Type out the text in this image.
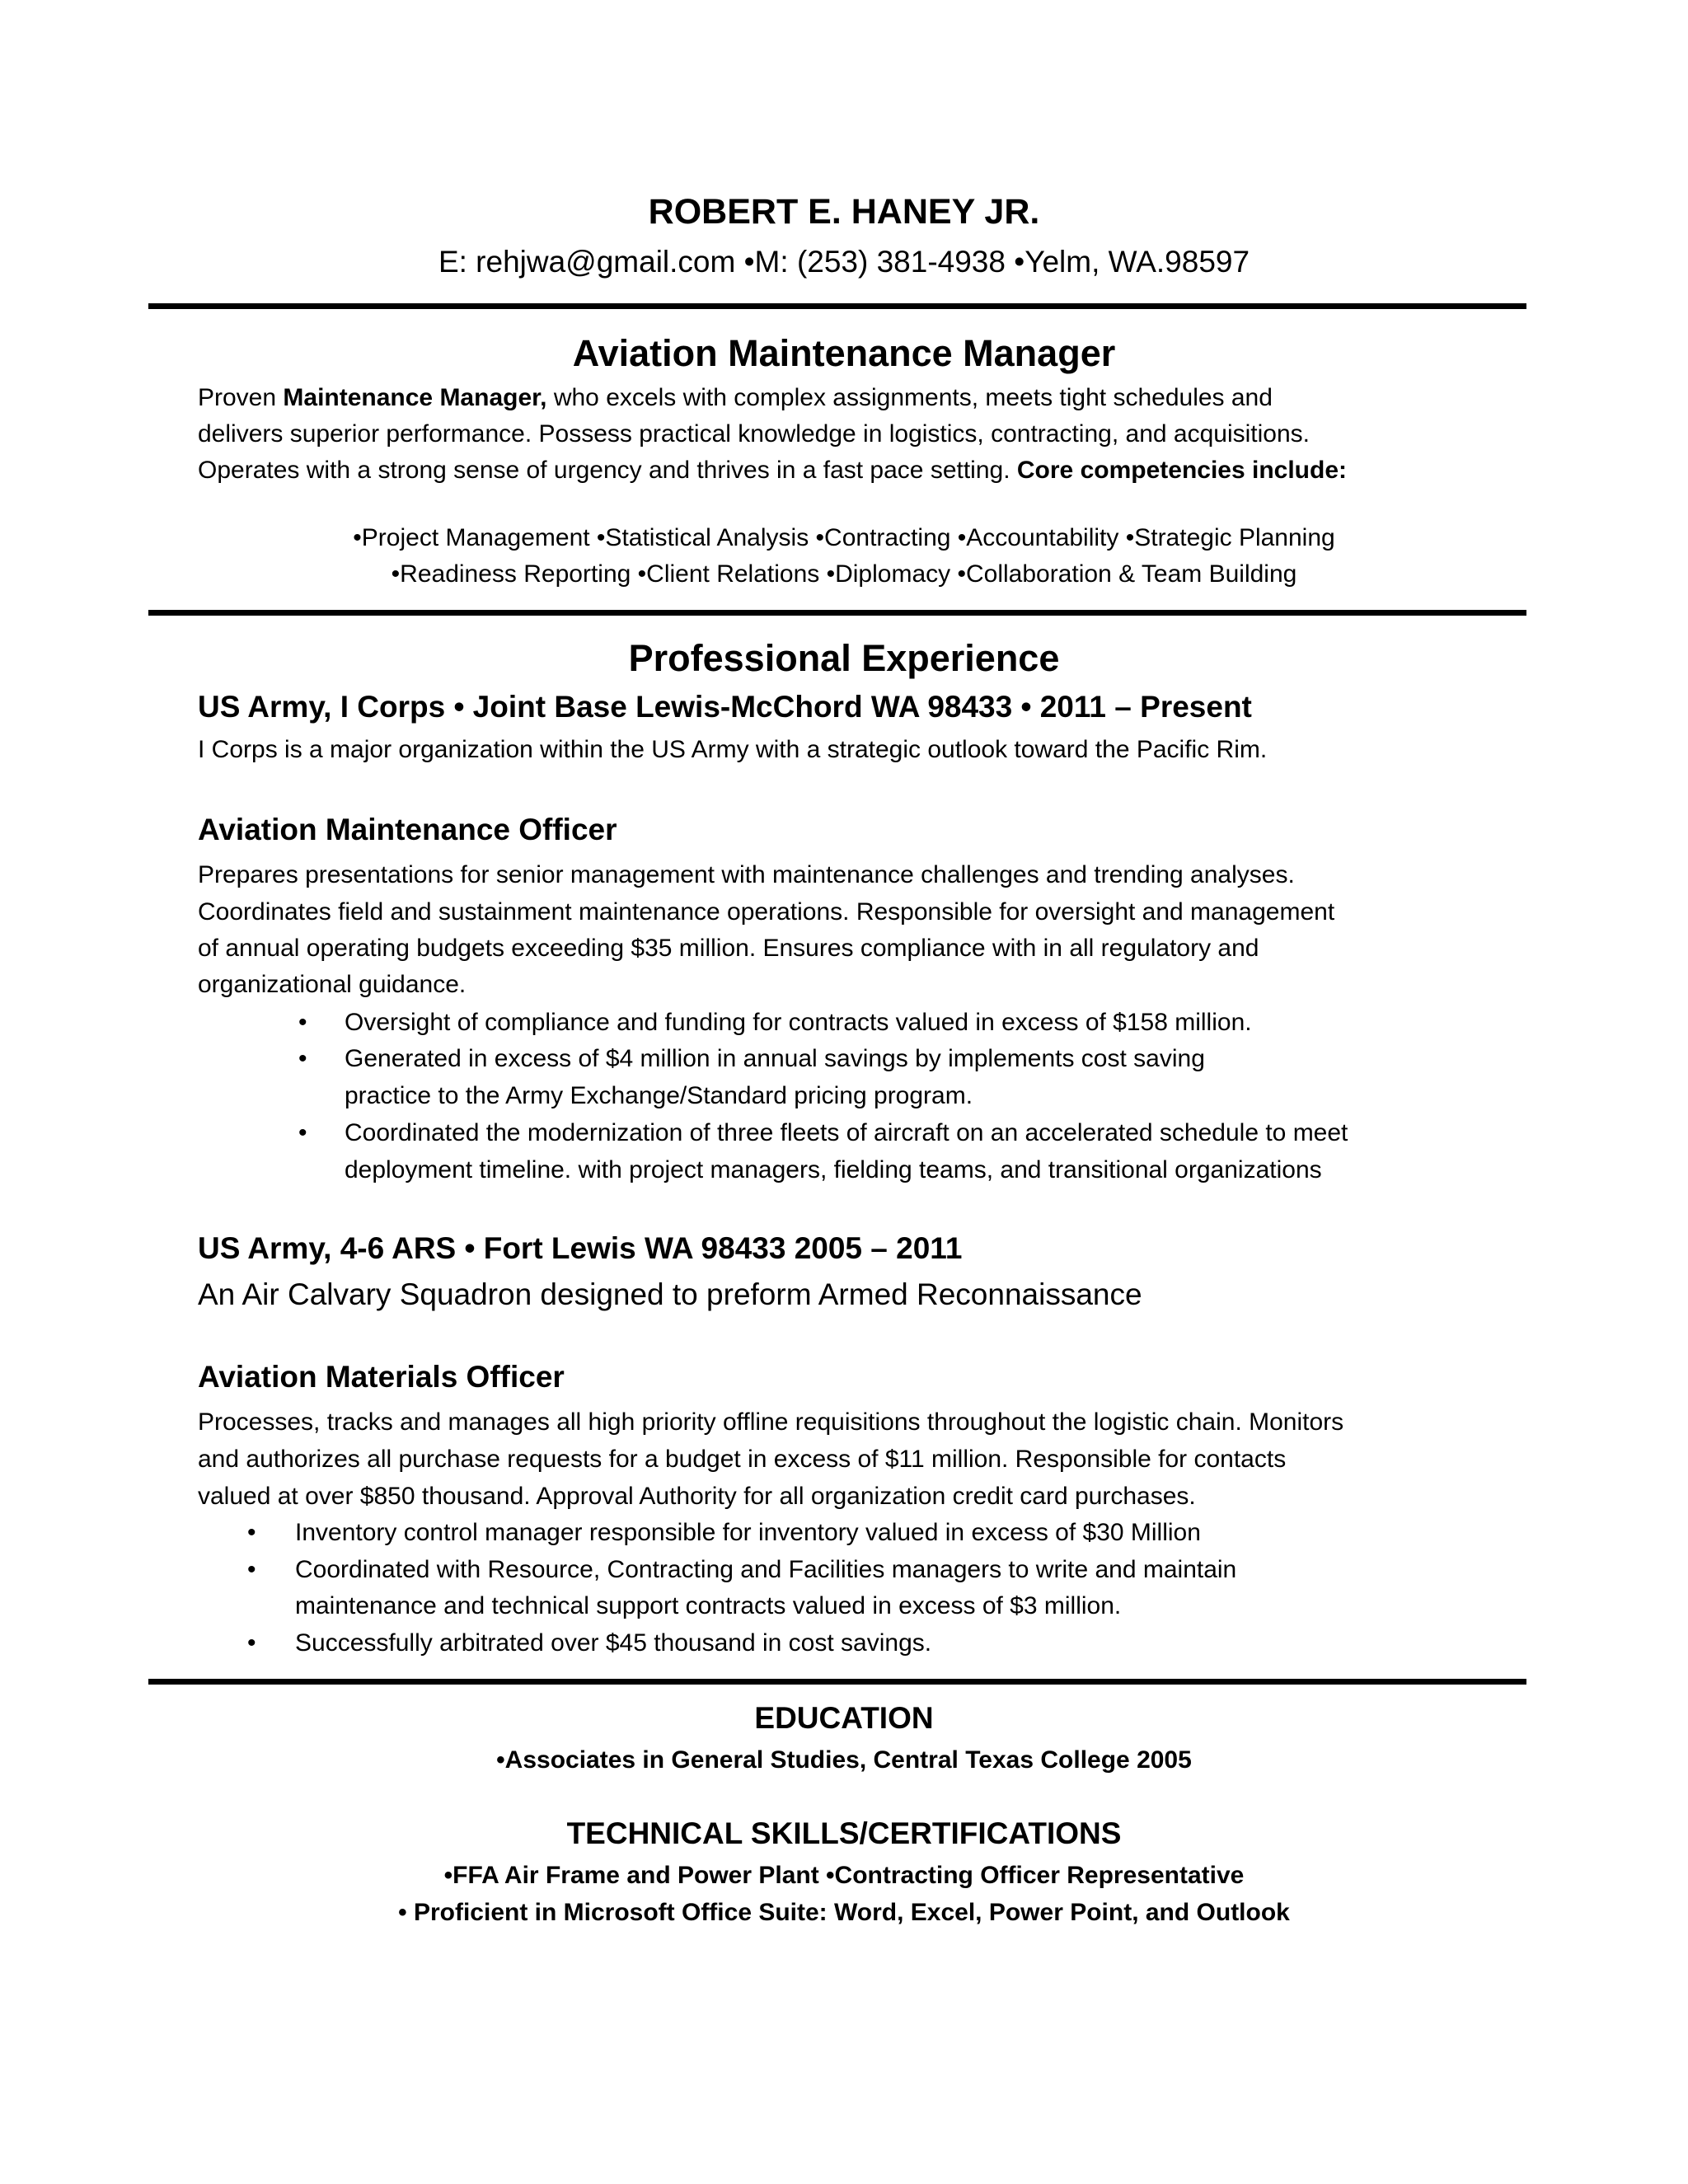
ROBERT E. HANEY JR.
E: rehjwa@gmail.com •M: (253) 381-4938 •Yelm, WA.98597
Aviation Maintenance Manager
Proven Maintenance Manager, who excels with complex assignments, meets tight schedules and
delivers superior performance. Possess practical knowledge in logistics, contracting, and acquisitions.
Operates with a strong sense of urgency and thrives in a fast pace setting. Core competencies include:
•Project Management •Statistical Analysis •Contracting •Accountability •Strategic Planning
•Readiness Reporting •Client Relations •Diplomacy •Collaboration & Team Building
Professional Experience
US Army, I Corps • Joint Base Lewis-McChord WA 98433 • 2011 – Present
I Corps is a major organization within the US Army with a strategic outlook toward the Pacific Rim.
Aviation Maintenance Officer
Prepares presentations for senior management with maintenance challenges and trending analyses.
Coordinates field and sustainment maintenance operations. Responsible for oversight and management
of annual operating budgets exceeding $35 million. Ensures compliance with in all regulatory and
organizational guidance.
• Oversight of compliance and funding for contracts valued in excess of $158 million.
• Generated in excess of $4 million in annual savings by implements cost saving
practice to the Army Exchange/Standard pricing program.
• Coordinated the modernization of three fleets of aircraft on an accelerated schedule to meet
deployment timeline. with project managers, fielding teams, and transitional organizations
US Army, 4-6 ARS • Fort Lewis WA 98433 2005 – 2011
An Air Calvary Squadron designed to preform Armed Reconnaissance
Aviation Materials Officer
Processes, tracks and manages all high priority offline requisitions throughout the logistic chain. Monitors
and authorizes all purchase requests for a budget in excess of $11 million. Responsible for contacts
valued at over $850 thousand. Approval Authority for all organization credit card purchases.
• Inventory control manager responsible for inventory valued in excess of $30 Million
• Coordinated with Resource, Contracting and Facilities managers to write and maintain
maintenance and technical support contracts valued in excess of $3 million.
• Successfully arbitrated over $45 thousand in cost savings.
EDUCATION
•Associates in General Studies, Central Texas College 2005
TECHNICAL SKILLS/CERTIFICATIONS
•FFA Air Frame and Power Plant •Contracting Officer Representative
• Proficient in Microsoft Office Suite: Word, Excel, Power Point, and Outlook
